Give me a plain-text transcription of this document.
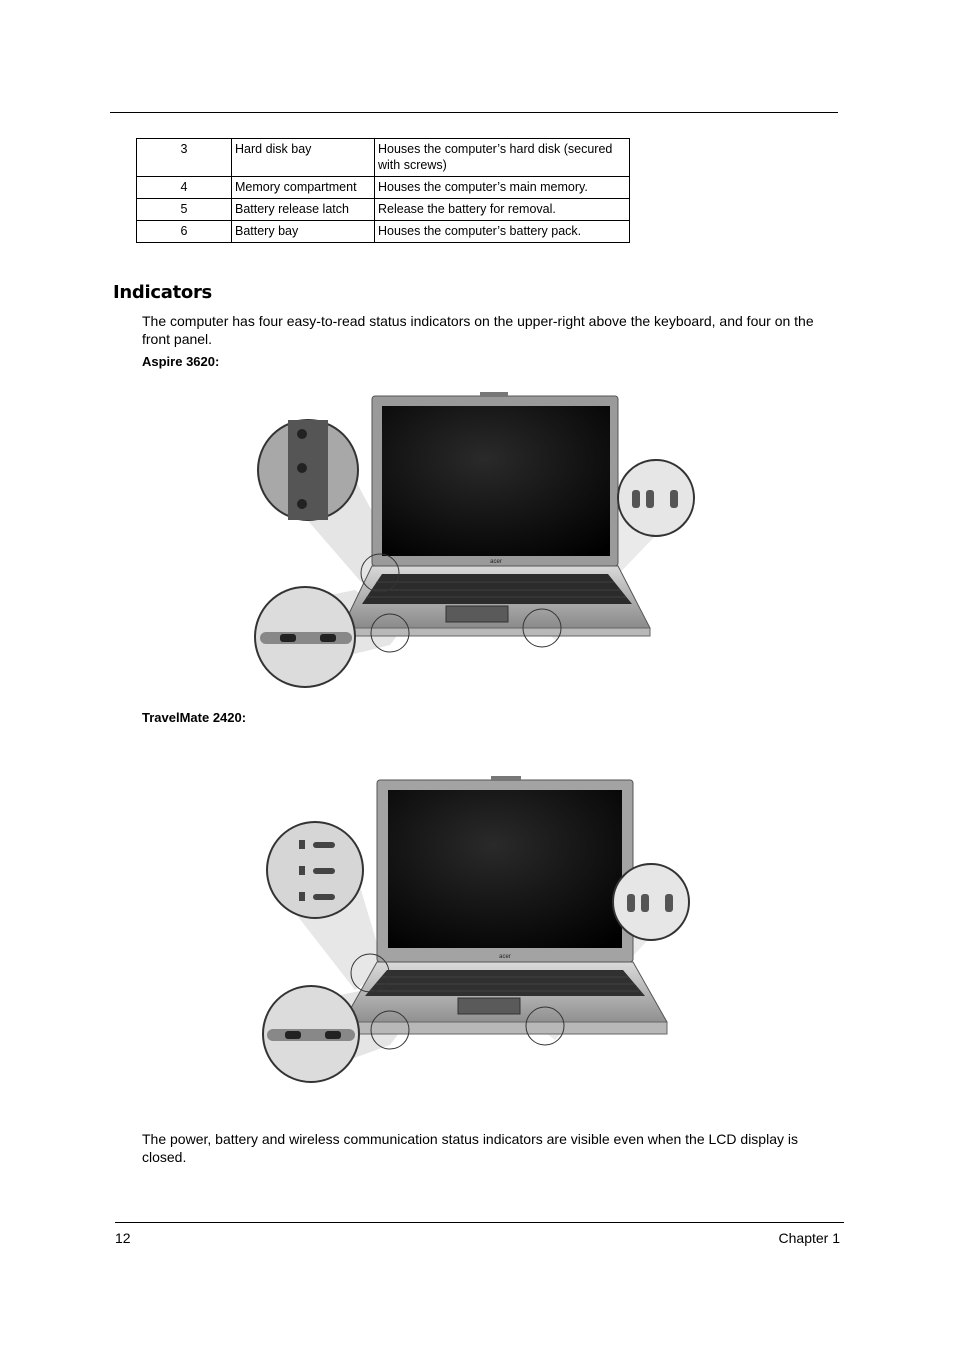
3	Hard disk bay	Houses the computer’s hard disk (secured with screws)
4	Memory compartment	Houses the computer’s main memory.
5	Battery release latch	Release the battery for removal.
6	Battery bay	Houses the computer’s battery pack.
Indicators

The computer has four easy-to-read status indicators on the upper-right above the keyboard, and four on the front panel.

Aspire 3620:

acer

TravelMate 2420:

acer

The power, battery and wireless communication status indicators are visible even when the LCD display is closed.

12	Chapter 1
